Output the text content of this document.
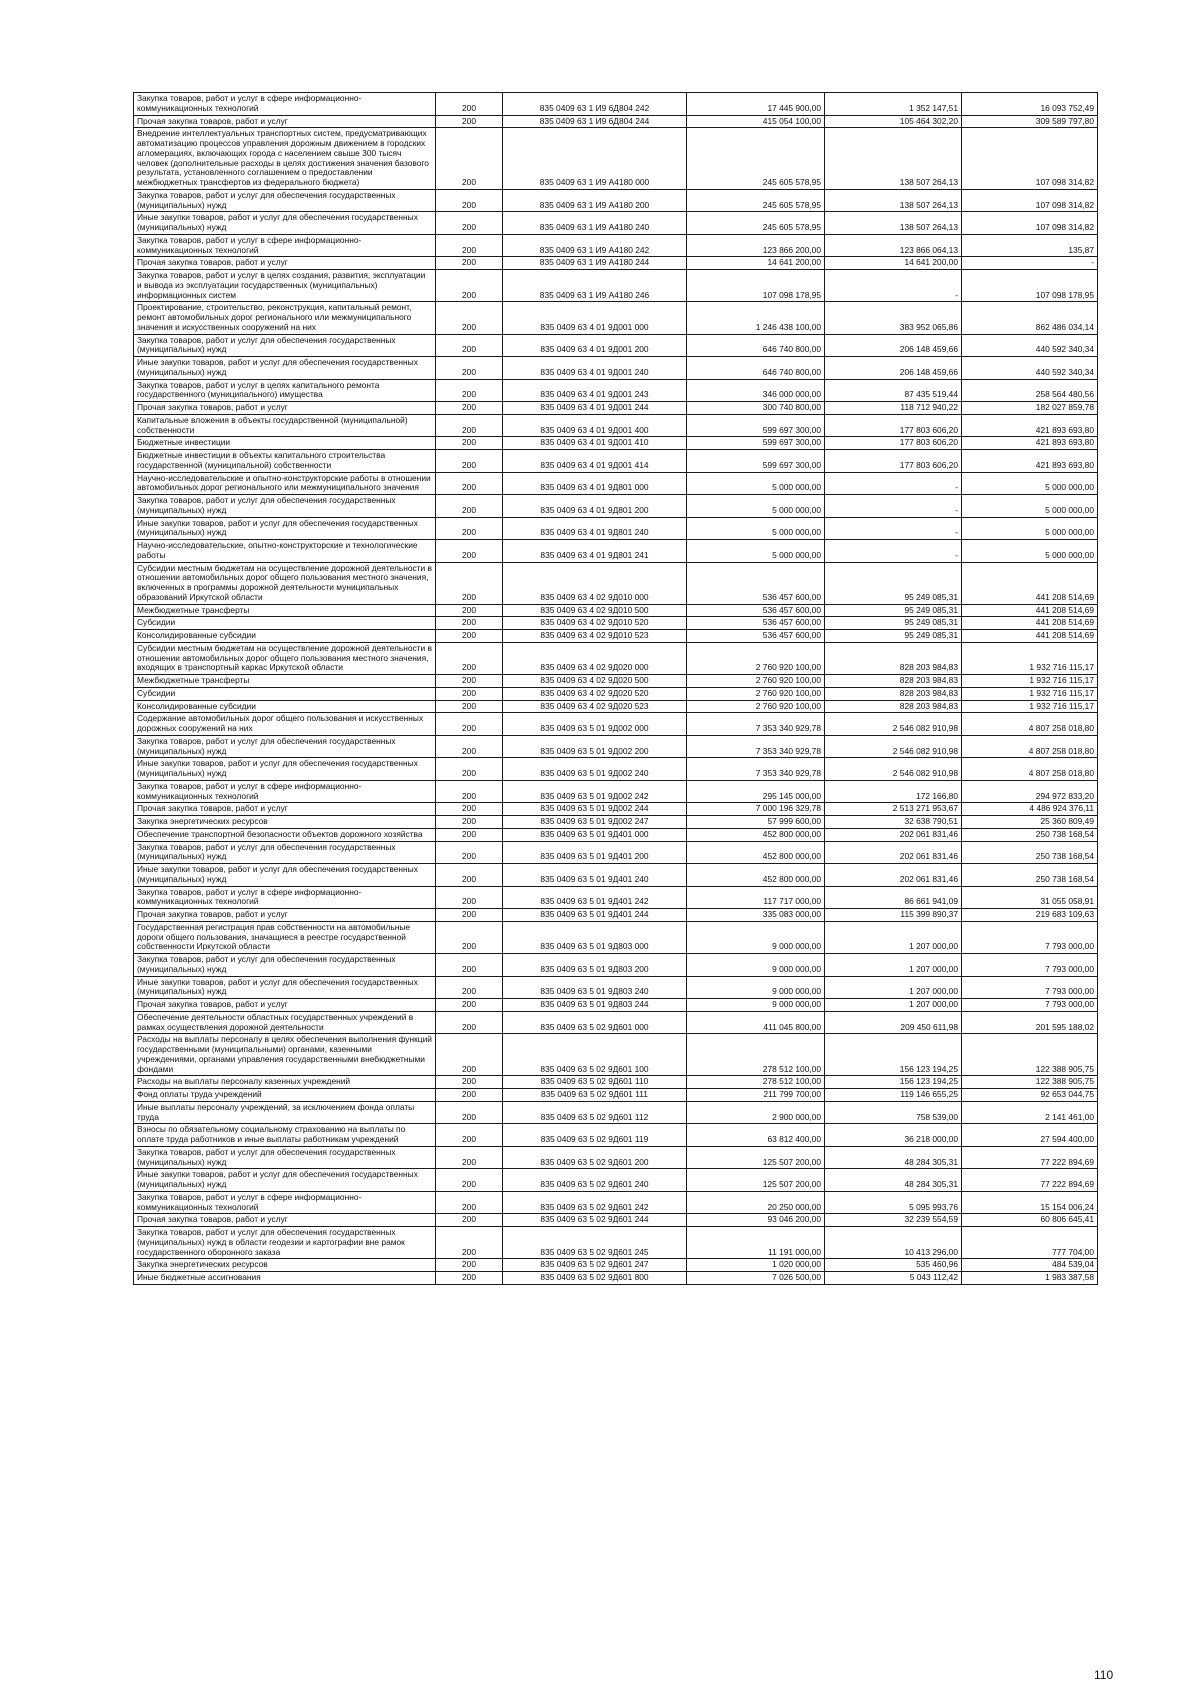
Закупка товаров, работ и услуг в сфере информационно-коммуникационных технологий	200	835 0409 63 1 И9 6Д804 242	17 445 900,00	1 352 147,51	16 093 752,49
Прочая закупка товаров, работ и услуг	200	835 0409 63 1 И9 6Д804 244	415 054 100,00	105 464 302,20	309 589 797,80
Внедрение интеллектуальных транспортных систем, предусматривающих автоматизацию процессов управления дорожным движением в городских агломерациях, включающих города с населением свыше 300 тысяч человек (дополнительные расходы в целях достижения значения базового результата, установленного соглашением о предоставлении межбюджетных трансфертов из федерального бюджета)	200	835 0409 63 1 И9 А4180 000	245 605 578,95	138 507 264,13	107 098 314,82
Закупка товаров, работ и услуг для обеспечения государственных (муниципальных) нужд	200	835 0409 63 1 И9 А4180 200	245 605 578,95	138 507 264,13	107 098 314,82
Иные закупки товаров, работ и услуг для обеспечения государственных (муниципальных) нужд	200	835 0409 63 1 И9 А4180 240	245 605 578,95	138 507 264,13	107 098 314,82
Закупка товаров, работ и услуг в сфере информационно-коммуникационных технологий	200	835 0409 63 1 И9 А4180 242	123 866 200,00	123 866 064,13	135,87
Прочая закупка товаров, работ и услуг	200	835 0409 63 1 И9 А4180 244	14 641 200,00	14 641 200,00	-
Закупка товаров, работ и услуг в целях создания, развития, эксплуатации и вывода из эксплуатации государственных (муниципальных) информационных систем	200	835 0409 63 1 И9 А4180 246	107 098 178,95	-	107 098 178,95
Проектирование, строительство, реконструкция, капитальный ремонт, ремонт автомобильных дорог регионального или межмуниципального значения и искусственных сооружений на них	200	835 0409 63 4 01 9Д001 000	1 246 438 100,00	383 952 065,86	862 486 034,14
Закупка товаров, работ и услуг для обеспечения государственных (муниципальных) нужд	200	835 0409 63 4 01 9Д001 200	646 740 800,00	206 148 459,66	440 592 340,34
Иные закупки товаров, работ и услуг для обеспечения государственных (муниципальных) нужд	200	835 0409 63 4 01 9Д001 240	646 740 800,00	206 148 459,66	440 592 340,34
Закупка товаров, работ и услуг в целях капитального ремонта государственного (муниципального) имущества	200	835 0409 63 4 01 9Д001 243	346 000 000,00	87 435 519,44	258 564 480,56
Прочая закупка товаров, работ и услуг	200	835 0409 63 4 01 9Д001 244	300 740 800,00	118 712 940,22	182 027 859,78
Капитальные вложения в объекты государственной (муниципальной) собственности	200	835 0409 63 4 01 9Д001 400	599 697 300,00	177 803 606,20	421 893 693,80
Бюджетные инвестиции	200	835 0409 63 4 01 9Д001 410	599 697 300,00	177 803 606,20	421 893 693,80
Бюджетные инвестиции в объекты капитального строительства государственной (муниципальной) собственности	200	835 0409 63 4 01 9Д001 414	599 697 300,00	177 803 606,20	421 893 693,80
Научно-исследовательские и опытно-конструкторские работы в отношении автомобильных дорог регионального или межмуниципального значения	200	835 0409 63 4 01 9Д801 000	5 000 000,00	-	5 000 000,00
Закупка товаров, работ и услуг для обеспечения государственных (муниципальных) нужд	200	835 0409 63 4 01 9Д801 200	5 000 000,00	-	5 000 000,00
Иные закупки товаров, работ и услуг для обеспечения государственных (муниципальных) нужд	200	835 0409 63 4 01 9Д801 240	5 000 000,00	-	5 000 000,00
Научно-исследовательские, опытно-конструкторские и технологические работы	200	835 0409 63 4 01 9Д801 241	5 000 000,00	-	5 000 000,00
Субсидии местным бюджетам на осуществление дорожной деятельности в отношении автомобильных дорог общего пользования местного значения, включенных в программы дорожной деятельности муниципальных образований Иркутской области	200	835 0409 63 4 02 9Д010 000	536 457 600,00	95 249 085,31	441 208 514,69
Межбюджетные трансферты	200	835 0409 63 4 02 9Д010 500	536 457 600,00	95 249 085,31	441 208 514,69
Субсидии	200	835 0409 63 4 02 9Д010 520	536 457 600,00	95 249 085,31	441 208 514,69
Консолидированные субсидии	200	835 0409 63 4 02 9Д010 523	536 457 600,00	95 249 085,31	441 208 514,69
Субсидии местным бюджетам на осуществление дорожной деятельности в отношении автомобильных дорог общего пользования местного значения, входящих в транспортный каркас Иркутской области	200	835 0409 63 4 02 9Д020 000	2 760 920 100,00	828 203 984,83	1 932 716 115,17
Межбюджетные трансферты	200	835 0409 63 4 02 9Д020 500	2 760 920 100,00	828 203 984,83	1 932 716 115,17
Субсидии	200	835 0409 63 4 02 9Д020 520	2 760 920 100,00	828 203 984,83	1 932 716 115,17
Консолидированные субсидии	200	835 0409 63 4 02 9Д020 523	2 760 920 100,00	828 203 984,83	1 932 716 115,17
Содержание автомобильных дорог общего пользования и искусственных дорожных сооружений на них	200	835 0409 63 5 01 9Д002 000	7 353 340 929,78	2 546 082 910,98	4 807 258 018,80
Закупка товаров, работ и услуг для обеспечения государственных (муниципальных) нужд	200	835 0409 63 5 01 9Д002 200	7 353 340 929,78	2 546 082 910,98	4 807 258 018,80
Иные закупки товаров, работ и услуг для обеспечения государственных (муниципальных) нужд	200	835 0409 63 5 01 9Д002 240	7 353 340 929,78	2 546 082 910,98	4 807 258 018,80
Закупка товаров, работ и услуг в сфере информационно-коммуникационных технологий	200	835 0409 63 5 01 9Д002 242	295 145 000,00	172 166,80	294 972 833,20
Прочая закупка товаров, работ и услуг	200	835 0409 63 5 01 9Д002 244	7 000 196 329,78	2 513 271 953,67	4 486 924 376,11
Закупка энергетических ресурсов	200	835 0409 63 5 01 9Д002 247	57 999 600,00	32 638 790,51	25 360 809,49
Обеспечение транспортной безопасности объектов дорожного хозяйства	200	835 0409 63 5 01 9Д401 000	452 800 000,00	202 061 831,46	250 738 168,54
Закупка товаров, работ и услуг для обеспечения государственных (муниципальных) нужд	200	835 0409 63 5 01 9Д401 200	452 800 000,00	202 061 831,46	250 738 168,54
Иные закупки товаров, работ и услуг для обеспечения государственных (муниципальных) нужд	200	835 0409 63 5 01 9Д401 240	452 800 000,00	202 061 831,46	250 738 168,54
Закупка товаров, работ и услуг в сфере информационно-коммуникационных технологий	200	835 0409 63 5 01 9Д401 242	117 717 000,00	86 661 941,09	31 055 058,91
Прочая закупка товаров, работ и услуг	200	835 0409 63 5 01 9Д401 244	335 083 000,00	115 399 890,37	219 683 109,63
Государственная регистрация прав собственности на автомобильные дороги общего пользования, значащиеся в реестре государственной собственности Иркутской области	200	835 0409 63 5 01 9Д803 000	9 000 000,00	1 207 000,00	7 793 000,00
Закупка товаров, работ и услуг для обеспечения государственных (муниципальных) нужд	200	835 0409 63 5 01 9Д803 200	9 000 000,00	1 207 000,00	7 793 000,00
Иные закупки товаров, работ и услуг для обеспечения государственных (муниципальных) нужд	200	835 0409 63 5 01 9Д803 240	9 000 000,00	1 207 000,00	7 793 000,00
Прочая закупка товаров, работ и услуг	200	835 0409 63 5 01 9Д803 244	9 000 000,00	1 207 000,00	7 793 000,00
Обеспечение деятельности областных государственных учреждений в рамках осуществления дорожной деятельности	200	835 0409 63 5 02 9Д601 000	411 045 800,00	209 450 611,98	201 595 188,02
Расходы на выплаты персоналу в целях обеспечения выполнения функций государственными (муниципальными) органами, казенными учреждениями, органами управления государственными внебюджетными фондами	200	835 0409 63 5 02 9Д601 100	278 512 100,00	156 123 194,25	122 388 905,75
Расходы на выплаты персоналу казенных учреждений	200	835 0409 63 5 02 9Д601 110	278 512 100,00	156 123 194,25	122 388 905,75
Фонд оплаты труда учреждений	200	835 0409 63 5 02 9Д601 111	211 799 700,00	119 146 655,25	92 653 044,75
Иные выплаты персоналу учреждений, за исключением фонда оплаты труда	200	835 0409 63 5 02 9Д601 112	2 900 000,00	758 539,00	2 141 461,00
Взносы по обязательному социальному страхованию на выплаты по оплате труда работников и иные выплаты работникам учреждений	200	835 0409 63 5 02 9Д601 119	63 812 400,00	36 218 000,00	27 594 400,00
Закупка товаров, работ и услуг для обеспечения государственных (муниципальных) нужд	200	835 0409 63 5 02 9Д601 200	125 507 200,00	48 284 305,31	77 222 894,69
Иные закупки товаров, работ и услуг для обеспечения государственных (муниципальных) нужд	200	835 0409 63 5 02 9Д601 240	125 507 200,00	48 284 305,31	77 222 894,69
Закупка товаров, работ и услуг в сфере информационно-коммуникационных технологий	200	835 0409 63 5 02 9Д601 242	20 250 000,00	5 095 993,76	15 154 006,24
Прочая закупка товаров, работ и услуг	200	835 0409 63 5 02 9Д601 244	93 046 200,00	32 239 554,59	60 806 645,41
Закупка товаров, работ и услуг для обеспечения государственных (муниципальных) нужд в области геодезии и картографии вне рамок государственного оборонного заказа	200	835 0409 63 5 02 9Д601 245	11 191 000,00	10 413 296,00	777 704,00
Закупка энергетических ресурсов	200	835 0409 63 5 02 9Д601 247	1 020 000,00	535 460,96	484 539,04
Иные бюджетные ассигнования	200	835 0409 63 5 02 9Д601 800	7 026 500,00	5 043 112,42	1 983 387,58
110
